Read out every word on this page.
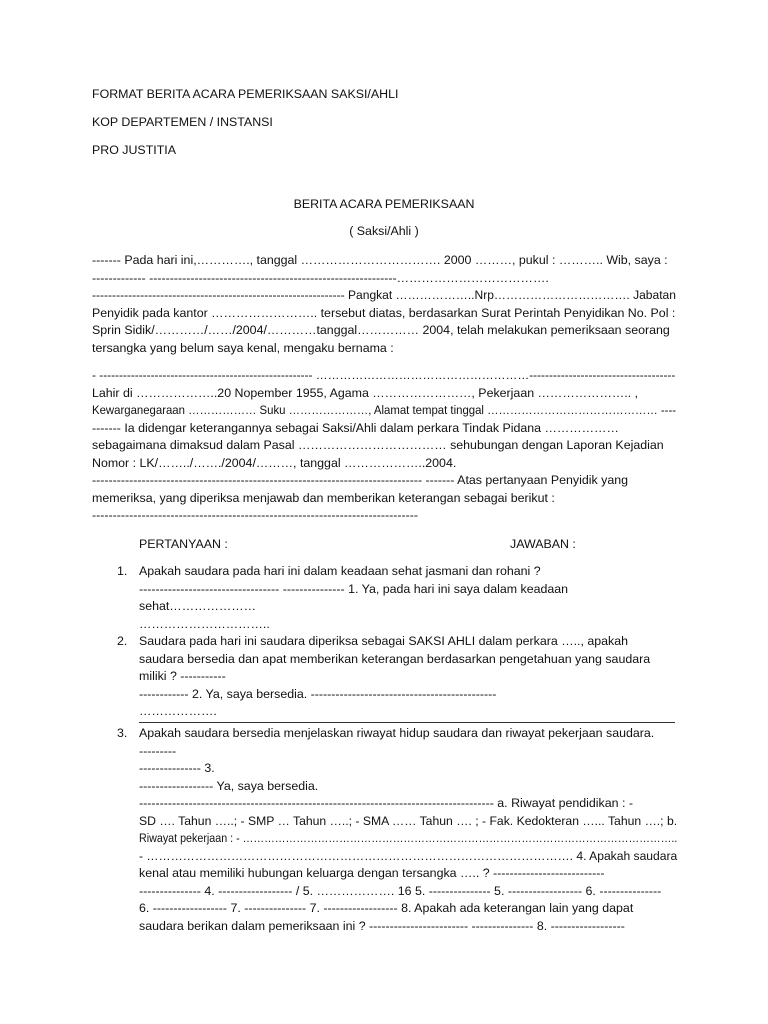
FORMAT BERITA ACARA PEMERIKSAAN SAKSI/AHLI
KOP DEPARTEMEN / INSTANSI
PRO JUSTITIA
BERITA ACARA PEMERIKSAAN
( Saksi/Ahli )
------- Pada hari ini,…………., tanggal ……………………………. 2000 ………, pukul : ……….. Wib, saya :
------------- ------------------------------------------------------------……………………………….
--------------------------------------------------------------- Pangkat ………………..Nrp……………………………. Jabatan
Penyidik pada kantor …………………….. tersebut diatas, berdasarkan Surat Perintah Penyidikan No. Pol :
Sprin Sidik/…………/……/2004/…………tanggal…………… 2004, telah melakukan pemeriksaan seorang
tersangka yang belum saya kenal, mengaku bernama :
- ------------------------------------------------------ ………………………………………………-------------------------------------
Lahir di ………………..20 Nopember 1955, Agama ……………………, Pekerjaan ………………….. ,
Kewarganegaraan ……………… Suku …………………, Alamat tempat tinggal ……………………………………… ----
------- Ia didengar keterangannya sebagai Saksi/Ahli dalam perkara Tindak Pidana ………………
sebagaimana dimaksud dalam Pasal ……………………………… sehubungan dengan Laporan Kejadian
Nomor : LK/……../……./2004/………, tanggal ………………..2004.
-------------------------------------------------------------------------------- ------- Atas pertanyaan Penyidik yang
memeriksa, yang diperiksa menjawab dan memberikan keterangan sebagai berikut :
-------------------------------------------------------------------------------
PERTANYAAN :	JAWABAN :
1. Apakah saudara pada hari ini dalam keadaan sehat jasmani dan rohani ?
---------------------------------- --------------- 1. Ya, pada hari ini saya dalam keadaan
sehat…………………
…………………………..
2. Saudara pada hari ini saudara diperiksa sebagai SAKSI AHLI dalam perkara ….., apakah
saudara bersedia dan apat memberikan keterangan berdasarkan pengetahuan yang saudara
miliki ? -----------
------------ 2. Ya, saya bersedia. ---------------------------------------------
……………….
3. Apakah saudara bersedia menjelaskan riwayat hidup saudara dan riwayat pekerjaan saudara.
---------
--------------- 3.
------------------ Ya, saya bersedia.
-------------------------------------------------------------------------------------- a. Riwayat pendidikan : -
SD …. Tahun …..; - SMP … Tahun …..; - SMA …… Tahun …. ; - Fak. Kedokteran …... Tahun ….; b.
Riwayat pekerjaan : - …………………………………………………………………………………………………………..
- ……………………………………………………………………………………………. 4. Apakah saudara
kenal atau memiliki hubungan keluarga dengan tersangka ….. ? ---------------------------
--------------- 4. ------------------ / 5. ………………. 16 5. --------------- 5. ------------------ 6. ---------------
6. ------------------ 7. --------------- 7. ------------------ 8. Apakah ada keterangan lain yang dapat
saudara berikan dalam pemeriksaan ini ? ------------------------ --------------- 8. ------------------
